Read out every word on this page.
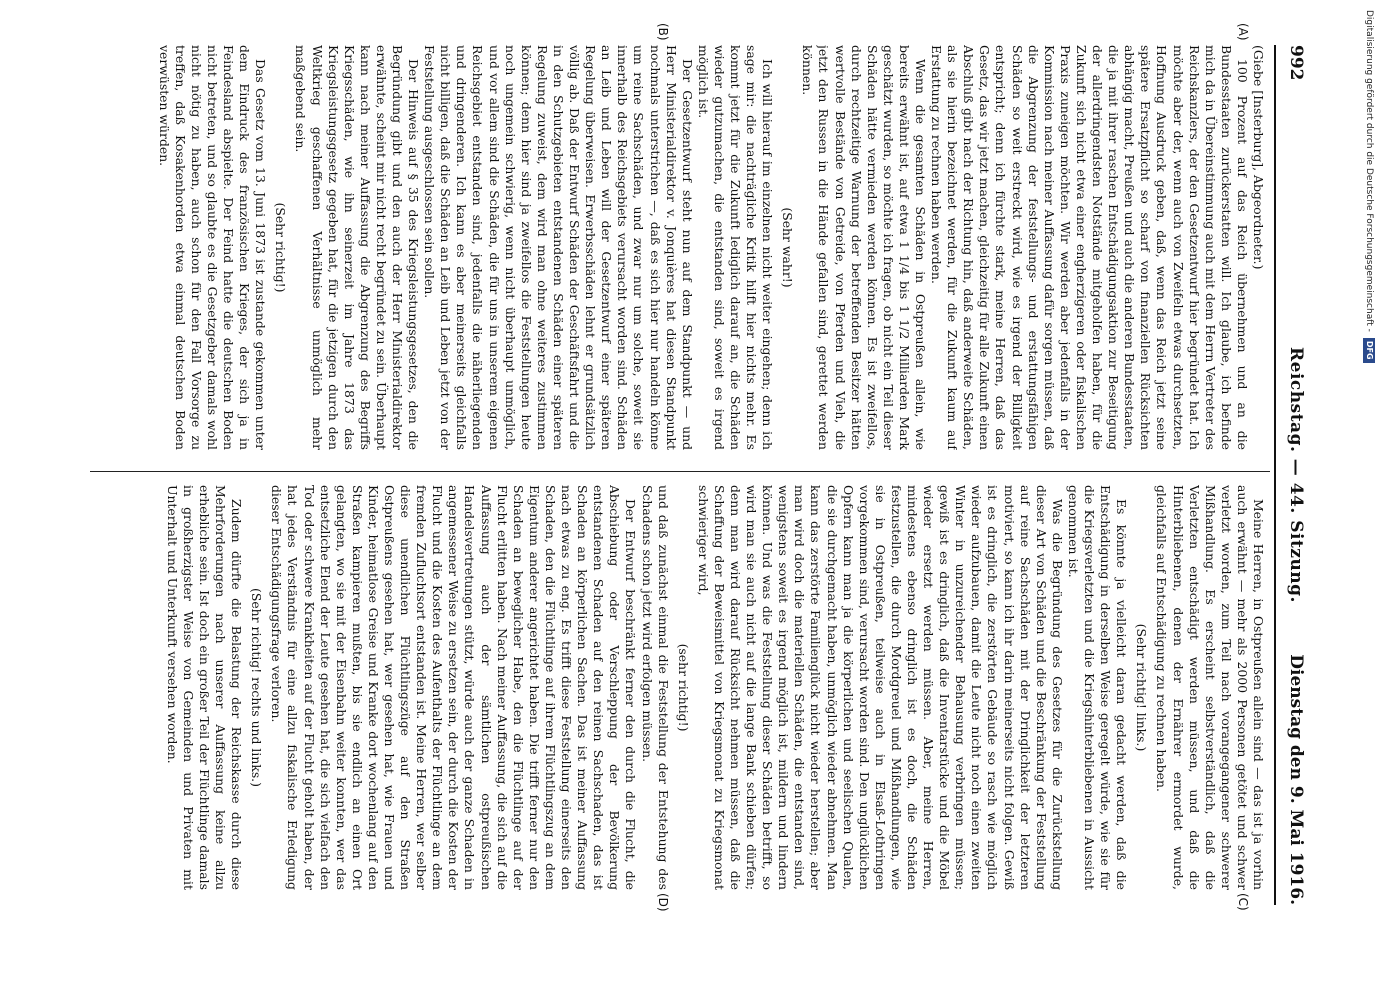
992
Reichstag. — 44. Sitzung.
Dienstag den 9. Mai 1916.

(Giebe [Insterburg], Abgeordneter.)

100 Prozent auf das Reich übernehmen und an die Bundesstaaten zurückerstatten will. Ich glaube, ich befinde mich da in Übereinstimmung auch mit dem Herrn Vertreter des Reichskanzlers, der den Gesetzentwurf hier begründet hat. Ich möchte aber der, wenn auch von Zweifeln etwas durchsetzten, Hoffnung Ausdruck geben, daß, wenn das Reich jetzt seine spätere Ersatzpflicht so scharf von finanziellen Rücksichten abhängig macht, Preußen und auch die anderen Bundesstaaten, die ja mit ihrer raschen Entschädigungsaktion zur Beseitigung der allerdringendsten Notstände mitgeholfen haben, für die Zukunft sich nicht etwa einer engherzigeren oder fiskalischen Praxis zuneigen möchten. Wir werden aber jedenfalls in der Kommission nach meiner Auffassung dafür sorgen müssen, daß die Abgrenzung der feststellungs- und erstattungsfähigen Schäden so weit erstreckt wird, wie es irgend der Billigkeit entspricht; denn ich fürchte stark, meine Herren, daß das Gesetz, das wir jetzt machen, gleichzeitig für alle Zukunft einen Abschluß gibt nach der Richtung hin, daß anderweite Schäden, als sie hierin bezeichnet werden, für die Zukunft kaum auf Erstattung zu rechnen haben werden.

Wenn die gesamten Schäden in Ostpreußen allein, wie bereits erwähnt ist, auf etwa 1 1/4 bis 1 1/2 Milliarden Mark geschätzt wurden, so möchte ich fragen, ob nicht ein Teil dieser Schäden hätte vermieden werden können. Es ist zweifellos, durch rechtzeitige Warnung der betreffenden Besitzer hätten wertvolle Bestände von Getreide, von Pferden und Vieh, die jetzt den Russen in die Hände gefallen sind, gerettet werden können.

(Sehr wahr!)

Ich will hierauf im einzelnen nicht weiter eingehen; denn ich sage mir: die nachträgliche Kritik hilft hier nichts mehr. Es kommt jetzt für die Zukunft lediglich darauf an, die Schäden wieder gutzumachen, die entstanden sind, soweit es irgend möglich ist.

Der Gesetzentwurf steht nun auf dem Standpunkt — und Herr Ministerialdirektor v. Jonquières hat diesen Standpunkt nochmals unterstrichen —, daß es sich hier nur handeln könne um reine Sachschäden, und zwar nur um solche, soweit sie innerhalb des Reichsgebiets verursacht worden sind. Schäden an Leib und Leben will der Gesetzentwurf einer späteren Regelung überweisen. Erwerbsschäden lehnt er grundsätzlich völlig ab. Daß der Entwurf Schäden der Geschäftsfahrt und die in den Schutzgebieten entstandenen Schäden einer späteren Regelung zuweist, dem wird man ohne weiteres zustimmen können; denn hier sind ja zweifellos die Feststellungen heute noch ungemein schwierig, wenn nicht überhaupt unmöglich, und vor allem sind die Schäden, die für uns in unserem eigenen Reichsgebiet entstanden sind, jedenfalls die näherliegenden und dringenderen. Ich kann es aber meinerseits gleichfalls nicht billigen, daß die Schäden an Leib und Leben jetzt von der Feststellung ausgeschlossen sein sollen.

Der Hinweis auf § 35 des Kriegsleistungsgesetzes, den die Begründung gibt und den auch der Herr Ministerialdirektor erwähnte, scheint mir nicht recht begründet zu sein. Überhaupt kann nach meiner Auffassung die Abgrenzung des Begriffs Kriegsschäden, wie ihn seinerzeit im Jahre 1873 das Kriegsleistungsgesetz gegeben hat, für die jetzigen durch den Weltkrieg geschaffenen Verhältnisse unmöglich mehr maßgebend sein.

(Sehr richtig!)

Das Gesetz vom 13. Juni 1873 ist zustande gekommen unter dem Eindruck des französischen Krieges, der sich ja in Feindesland abspielte. Der Feind hatte die deutschen Boden nicht betreten, und so glaubte es die Gesetzgeber damals wohl nicht nötig zu haben, auch schon für den Fall Vorsorge zu treffen, daß Kosakenhorden etwa einmal deutschen Boden verwüsten würden.

Meine Herren, in Ostpreußen allein sind — das ist ja vorhin auch erwähnt — mehr als 2000 Personen getötet und schwer verletzt worden, zum Teil nach vorangegangener schwerer Mißhandlung. Es erscheint selbstverständlich, daß die Verletzten entschädigt werden müssen, und daß die Hinterbliebenen, denen der Ernährer ermordet wurde, gleichfalls auf Entschädigung zu rechnen haben.

(Sehr richtig! links.)

Es könnte ja vielleicht daran gedacht werden, daß die Entschädigung in derselben Weise geregelt würde, wie sie für die Kriegsverletzten und die Kriegshinterbliebenen in Aussicht genommen ist.

Was die Begründung des Gesetzes für die Zurückstellung dieser Art von Schäden und die Beschränkung der Feststellung auf reine Sachschäden mit der Dringlichkeit der letzteren motiviert, so kann ich ihr darin meinerseits nicht folgen. Gewiß ist es dringlich, die zerstörten Gebäude so rasch wie möglich wieder aufzubauen, damit die Leute nicht noch einen zweiten Winter in unzureichender Behausung verbringen müssen; gewiß ist es dringlich, daß die Inventarstücke und die Möbel wieder ersetzt werden müssen. Aber, meine Herren, mindestens ebenso dringlich ist es doch, die Schäden festzustellen, die durch Mordgreuel und Mißhandlungen, wie sie in Ostpreußen, teilweise auch in Elsaß-Lothringen vorgekommen sind, verursacht worden sind. Den unglücklichen Opfern kann man ja die körperlichen und seelischen Qualen, die sie durchgemacht haben, unmöglich wieder abnehmen. Man kann das zerstörte Familienglück nicht wieder herstellen; aber man wird doch die materiellen Schäden, die entstanden sind, wenigstens soweit es irgend möglich ist, mildern und lindern können. Und was die Feststellung dieser Schäden betrifft, so wird man sie auch nicht auf die lange Bank schieben dürfen; denn man wird darauf Rücksicht nehmen müssen, daß die Schaffung der Beweismittel von Kriegsmonat zu Kriegsmonat schwieriger wird,

(sehr richtig!)

und daß zunächst einmal die Feststellung der Entstehung des Schadens schon jetzt wird erfolgen müssen.

Der Entwurf beschränkt ferner den durch die Flucht, die Abschiebung oder Verschleppung der Bevölkerung entstandenen Schaden auf den reinen Sachschaden, das ist Schaden an körperlichen Sachen. Das ist meiner Auffassung nach etwas zu eng. Es trifft diese Feststellung einerseits den Schaden, den die Flüchtlinge auf ihrem Flüchtlingszug an dem Eigentum anderer angerichtet haben. Die trifft ferner nur den Schaden an beweglicher Habe, den die Flüchtlinge auf der Flucht erlitten haben. Nach meiner Auffassung, die sich auf die Auffassung auch der sämtlichen ostpreußischen Handelsvertretungen stützt, würde auch der ganze Schaden in angemessener Weise zu ersetzen sein, der durch die Kosten der Flucht und die Kosten des Aufenthalts der Flüchtlinge an dem fremden Zufluchtsort entstanden ist. Meine Herren, wer selber diese unendlichen Flüchtlingszüge auf den Straßen Ostpreußens gesehen hat, wer gesehen hat, wie Frauen und Kinder, heimatlose Greise und Kranke dort wochenlang auf den Straßen kampieren mußten, bis sie endlich an einen Ort gelangten, wo sie mit der Eisenbahn weiter konnten, wer das entsetzliche Elend der Leute gesehen hat, die sich vielfach den Tod oder schwere Krankheiten auf der Flucht geholt haben, der hat jedes Verständnis für eine allzu fiskalische Erledigung dieser Entschädigungsfrage verloren.

(Sehr richtig! rechts und links.)

Zudem dürfte die Belastung der Reichskasse durch diese Mehrforderungen nach unserer Auffassung keine allzu erhebliche sein. Ist doch ein großer Teil der Flüchtlinge damals in großherzigster Weise von Gemeinden und Privaten mit Unterhalt und Unterkunft versehen worden.

(A)
(B)
(C)
(D)
Digitalisierung gefördert durch die Deutsche Forschungsgemeinschaft -
DFG
